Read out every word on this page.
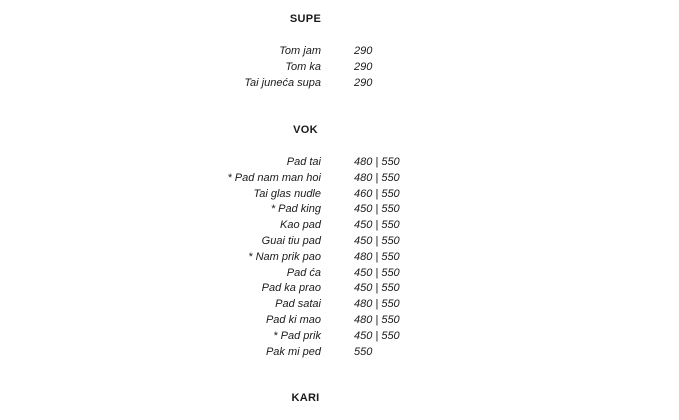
SUPE
Tom jam	290
Tom ka	290
Tai juneća supa	290
VOK
Pad tai	480 | 550
* Pad nam man hoi	480 | 550
Tai glas nudle	460 | 550
* Pad king	450 | 550
Kao pad	450 | 550
Guai tiu pad	450 | 550
* Nam prik pao	480 | 550
Pad ća	450 | 550
Pad ka prao	450 | 550
Pad satai	480 | 550
Pad ki mao	480 | 550
* Pad prik	450 | 550
Pak mi ped	550
KARI
